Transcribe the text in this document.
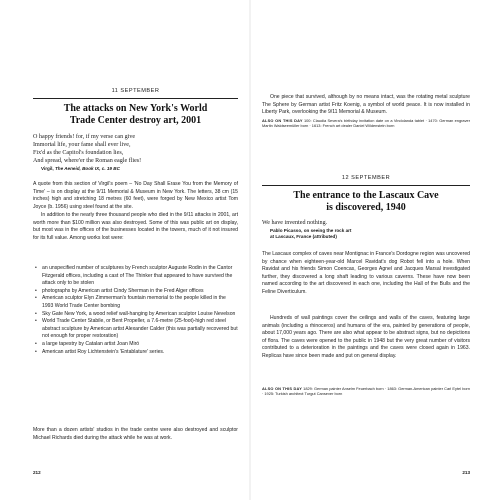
11 SEPTEMBER

The attacks on New York's World

Trade Center destroy art, 2001

O happy friends! for, if my verse can give

Immortal life, your fame shall ever live,

Fix'd as the Capitol's foundation lies,

And spread, where'er the Roman eagle flies!

Virgil, The Aeneid, Book IX, c. 19 BC

A quote from this section of Virgil's poem – 'No Day Shall Erase You from the Memory of Time' – is on display at the 9/11 Memorial & Museum in New York. The letters, 38 cm (15 inches) high and stretching 18 metres (60 feet), were forged by New Mexico artist Tom Joyce (b. 1956) using steel found at the site.

In addition to the nearly three thousand people who died in the 9/11 attacks in 2001, art worth more than $100 million was also destroyed. Some of this was public art on display, but most was in the offices of the businesses located in the towers, much of it not insured for its full value. Among works lost were:

• an unspecified number of sculptures by French sculptor Auguste Rodin in the Cantor Fitzgerald offices, including a cast of The Thinker that appeared to have survived the attack only to be stolen
• photographs by American artist Cindy Sherman in the Fred Alger offices
• American sculptor Elyn Zimmerman's fountain memorial to the people killed in the 1993 World Trade Center bombing
• Sky Gate New York, a wood relief wall-hanging by American sculptor Louise Nevelson
• World Trade Center Stabile, or Bent Propeller, a 7.6-metre (25-foot)-high red steel abstract sculpture by American artist Alexander Calder (this was partially recovered but not enough for proper restoration)
• a large tapestry by Catalan artist Joan Miró
• American artist Roy Lichtenstein's 'Entablature' series.

More than a dozen artists' studios in the trade centre were also destroyed and sculptor Michael Richards died during the attack while he was at work.

212

One piece that survived, although by no means intact, was the rotating metal sculpture The Sphere by German artist Fritz Koenig, a symbol of world peace. It is now installed in Liberty Park, overlooking the 9/11 Memorial & Museum.

ALSO ON THIS DAY 100: Claudia Severa's birthday invitation date on a Vindolanda tablet · 1470: German engraver Martin Waldseemüller born · 1613: French art dealer Daniel Wildenstein born

12 SEPTEMBER

The entrance to the Lascaux Cave

is discovered, 1940

We have invented nothing.

Pablo Picasso, on seeing the rock art

at Lascaux, France (attributed)

The Lascaux complex of caves near Montignac in France's Dordogne region was uncovered by chance when eighteen-year-old Marcel Ravidat's dog Robot fell into a hole. When Ravidat and his friends Simon Coencas, Georges Agnel and Jacques Marsal investigated further, they discovered a long shaft leading to various caverns. These have now been named according to the art discovered in each one, including the Hall of the Bulls and the Feline Diverticulum.

Hundreds of wall paintings cover the ceilings and walls of the caves, featuring large animals (including a rhinoceros) and humans of the era, painted by generations of people, about 17,000 years ago. There are also what appear to be abstract signs, but no depictions of flora. The caves were opened to the public in 1948 but the very great number of visitors contributed to a deterioration in the paintings and the caves were closed again in 1963. Replicas have since been made and put on general display.

ALSO ON THIS DAY 1829: German painter Anselm Feuerbach born · 1863: German-American painter Carl Eytel born · 1925: Turkish architect Turgut Cansever born

213
